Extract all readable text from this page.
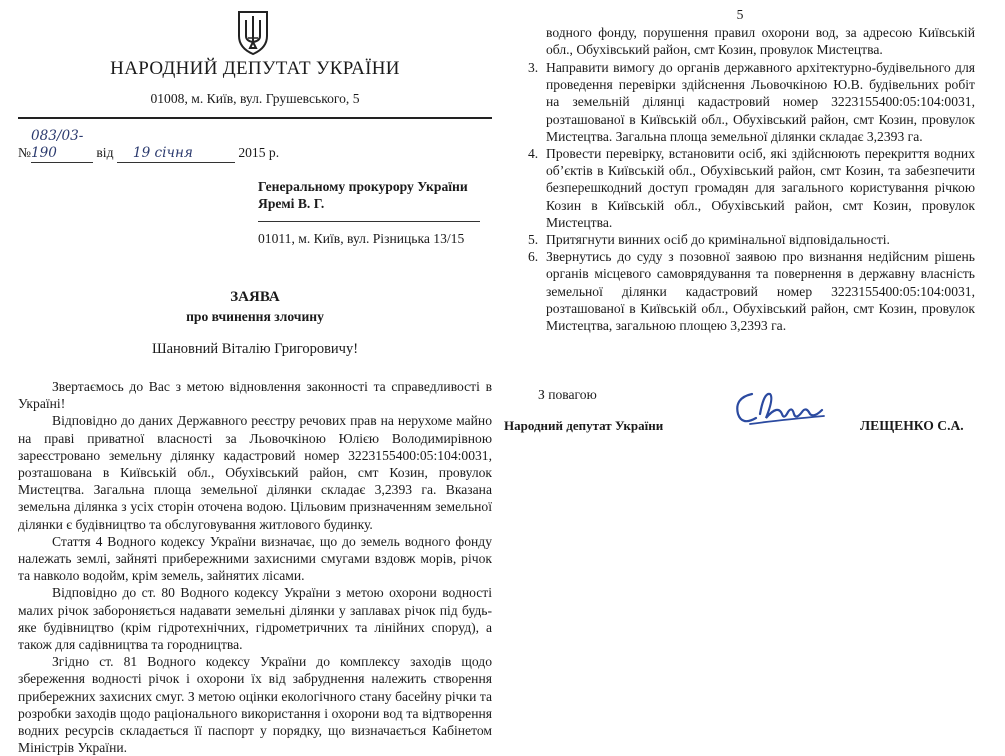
НАРОДНИЙ ДЕПУТАТ УКРАЇНИ
01008, м. Київ, вул. Грушевського, 5
№083/03-190	від 19 січня	2015 р.
Генеральному прокурору України
Яремі В. Г.
01011, м. Київ, вул. Різницька 13/15
ЗАЯВА
про вчинення злочину
Шановний Віталію Григоровичу!

Звертаємось до Вас з метою відновлення законності та справедливості в Україні!

Відповідно до даних Державного реєстру речових прав на нерухоме майно на праві приватної власності за Льовочкіною Юлією Володимирівною зареєстровано земельну ділянку кадастровий номер 3223155400:05:104:0031, розташована в Київській обл., Обухівський район, смт Козин, провулок Мистецтва. Загальна площа земельної ділянки складає 3,2393 га. Вказана земельна ділянка з усіх сторін оточена водою. Цільовим призначенням земельної ділянки є будівництво та обслуговування житлового будинку.

Стаття 4 Водного кодексу України визначає, що до земель водного фонду належать землі, зайняті прибережними захисними смугами вздовж морів, річок та навколо водойм, крім земель, зайнятих лісами.

Відповідно до ст. 80 Водного кодексу України з метою охорони водності малих річок забороняється надавати земельні ділянки у заплавах річок під будь-яке будівництво (крім гідротехнічних, гідрометричних та лінійних споруд), а також для садівництва та городництва.

Згідно ст. 81 Водного кодексу України до комплексу заходів щодо збереження водності річок і охорони їх від забруднення належить створення прибережних захисних смуг. З метою оцінки екологічного стану басейну річки та розробки заходів щодо раціонального використання і охорони вод та відтворення водних ресурсів складається її паспорт у порядку, що визначається Кабінетом Міністрів України.

5
водного фонду, порушення правил охорони вод, за адресою Київській обл., Обухівський район, смт Козин, провулок Мистецтва.
3. Направити вимогу до органів державного архітектурно-будівельного для проведення перевірки здійснення Льовочкіною Ю.В. будівельних робіт на земельній ділянці кадастровий номер 3223155400:05:104:0031, розташованої в Київській обл., Обухівський район, смт Козин, провулок Мистецтва. Загальна площа земельної ділянки складає 3,2393 га.
4. Провести перевірку, встановити осіб, які здійснюють перекриття водних об’єктів в Київській обл., Обухівський район, смт Козин, та забезпечити безперешкодний доступ громадян для загального користування річкою Козин в Київській обл., Обухівський район, смт Козин, провулок Мистецтва.
5. Притягнути винних осіб до кримінальної відповідальності.
6. Звернутись до суду з позовної заявою про визнання недійсним рішень органів місцевого самоврядування та повернення в державну власність земельної ділянки кадастровий номер 3223155400:05:104:0031, розташованої в Київській обл., Обухівський район, смт Козин, провулок Мистецтва, загальною площею 3,2393 га.
З повагою
Народний депутат України	ЛЕЩЕНКО С.А.
